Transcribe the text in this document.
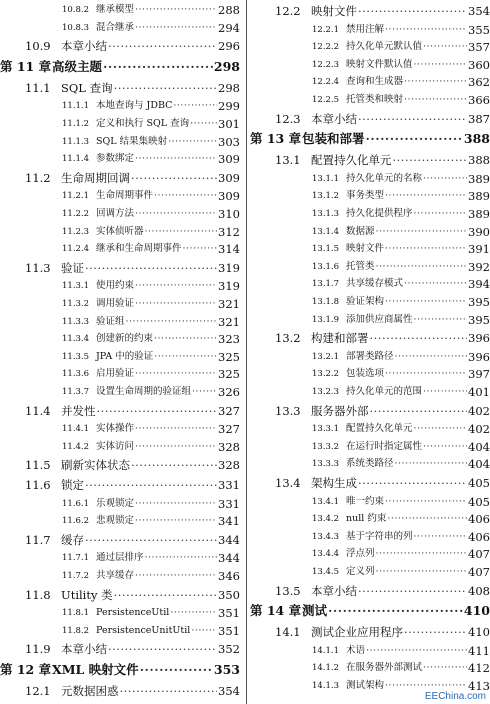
10.8.2 继承模型 ·····	288
10.8.3 混合继承 ·····	294
10.9 本章小结 ·····	296
第 11 章 高级主题 ·····	298
11.1 SQL 查询 ·····	298
11.1.1 本地查询与 JDBC ·····	299
11.1.2 定义和执行 SQL 查询 ·····	301
11.1.3 SQL 结果集映射 ·····	303
11.1.4 参数绑定 ·····	309
11.2 生命周期回调 ·····	309
11.2.1 生命周期事件 ·····	309
11.2.2 回调方法 ·····	310
11.2.3 实体侦听器 ·····	312
11.2.4 继承和生命周期事件 ·····	314
11.3 验证 ·····	319
11.3.1 使用约束 ·····	319
11.3.2 调用验证 ·····	321
11.3.3 验证组 ·····	321
11.3.4 创建新的约束 ·····	323
11.3.5 JPA 中的验证 ·····	325
11.3.6 启用验证 ·····	325
11.3.7 设置生命周期的验证组 ····· 326
11.4 并发性 ·····	327
11.4.1 实体操作 ·····	327
11.4.2 实体访问 ·····	328
11.5 刷新实体状态 ·····	328
11.6 锁定 ·····	331
11.6.1 乐观锁定 ·····	331
11.6.2 悲观锁定 ·····	341
11.7 缓存 ·····	344
11.7.1 通过层排序 ·····	344
11.7.2 共享缓存 ·····	346
11.8 Utility 类 ·····	350
11.8.1 PersistenceUtil ·····	351
11.8.2 PersistenceUnitUtil ····· 351
11.9 本章小结 ·····	352
第 12 章 XML 映射文件 ·····	353
12.1 元数据困惑 ·····	354
12.2 映射文件 ·····	354
12.2.1 禁用注解 ·····	355
12.2.2 持久化单元默认值 ·····	357
12.2.3 映射文件默认值 ·····	360
12.2.4 查询和生成器 ·····	362
12.2.5 托管类和映射 ·····	366
12.3 本章小结 ·····	387
第 13 章 包装和部署 ·····	388
13.1 配置持久化单元 ·····	388
13.1.1 持久化单元的名称 ·····	389
13.1.2 事务类型 ·····	389
13.1.3 持久化提供程序 ·····	389
13.1.4 数据源 ·····	390
13.1.5 映射文件 ·····	391
13.1.6 托管类 ·····	392
13.1.7 共享缓存模式 ·····	394
13.1.8 验证架构 ·····	395
13.1.9 添加供应商属性 ·····	395
13.2 构建和部署 ·····	396
13.2.1 部署类路径 ·····	396
13.2.2 包装选项 ·····	397
13.2.3 持久化单元的范围 ·····	401
13.3 服务器外部 ·····	402
13.3.1 配置持久化单元 ·····	402
13.3.2 在运行时指定属性 ·····	404
13.3.3 系统类路径 ·····	404
13.4 架构生成 ·····	405
13.4.1 唯一约束 ·····	405
13.4.2 null 约束 ·····	406
13.4.3 基于字符串的列 ·····	406
13.4.4 浮点列 ·····	407
13.4.5 定义列 ·····	407
13.5 本章小结 ·····	408
第 14 章 测试 ·····	410
14.1 测试企业应用程序 ·····	410
14.1.1 术语 ·····	411
14.1.2 在服务器外部测试 ·····	412
14.1.3 测试架构 ·····	413
EEChina.com
